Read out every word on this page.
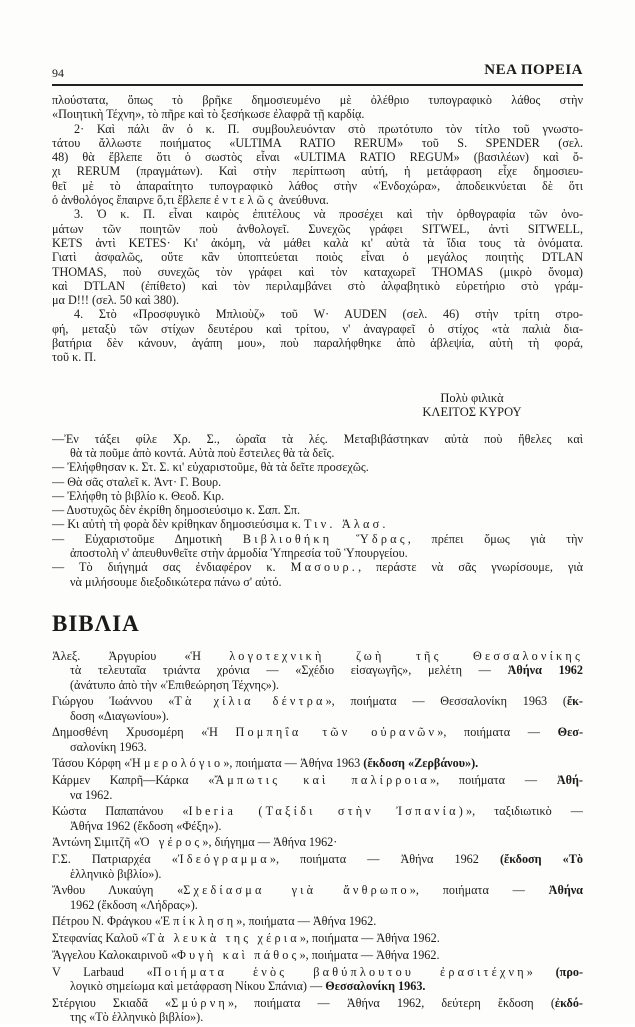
94	ΝΕΑ ΠΟΡΕΙΑ
πλούστατα, ὅπως τὸ βρῆκε δημοσιευμένο μὲ ὀλέθριο τυπογραφικὸ λάθος στὴν
«Ποιητικὴ Τέχνη», τὸ πῆρε καὶ τὸ ξεσήκωσε ἐλαφρᾶ τῇ καρδίᾳ.
2· Καὶ πάλι ἂν ὁ κ. Π. συμβουλευόνταν στὸ πρωτότυπο τὸν τίτλο τοῦ γνωστο-
τάτου ἄλλωστε ποιήματος «ULTIMA RATIO RERUM» τοῦ S. SPENDER (σελ.
48) θὰ ἔβλεπε ὅτι ὁ σωστὸς εἶναι «ULTIMA RATIO REGUM» (βασιλέων) καὶ ὄ-
χι RERUM (πραγμάτων). Καὶ στὴν περίπτωση αὐτή, ἡ μετάφραση εἶχε δημοσιευ-
θεῖ μὲ τὸ ἀπαραίτητο τυπογραφικὸ λάθος στὴν «Ἐνδοχώρα», ἀποδεικνύεται δὲ ὅτι
ὁ ἀνθολόγος ἔπαιρνε ὅ,τι ἔβλεπε ἐντελῶς ἀνεύθυνα.
3. Ὁ κ. Π. εἶναι καιρὸς ἐπιτέλους νὰ προσέχει καὶ τὴν ὀρθογραφία τῶν ὀνο-
μάτων τῶν ποιητῶν ποὺ ἀνθολογεῖ. Συνεχῶς γράφει SITWEL, ἀντὶ SITWELL,
KETS ἀντὶ KETES· Κι' ἀκόμη, νὰ μάθει καλὰ κι' αὐτὰ τὰ ἴδια τους τὰ ὀνόματα.
Γιατὶ ἀσφαλῶς, οὔτε κἂν ὑποπτεύεται ποιὸς εἶναι ὁ μεγάλος ποιητὴς DTLAN
THOMAS, ποὺ συνεχῶς τὸν γράφει καὶ τὸν καταχωρεῖ THOMAS (μικρὸ ὄνομα)
καὶ DTLAN (ἐπίθετο) καὶ τὸν περιλαμβάνει στὸ ἀλφαβητικὸ εὑρετήριο στὸ γράμ-
μα D!!! (σελ. 50 καὶ 380).
4. Στὸ «Προσφυγικὸ Μπλιοὺζ» τοῦ W· AUDEN (σελ. 46) στὴν τρίτη στρο-
φή, μεταξὺ τῶν στίχων δευτέρου καὶ τρίτου, ν' ἀναγραφεῖ ὁ στίχος «τὰ παλιὰ δια-
βατήρια δὲν κάνουν, ἀγάπη μου», ποὺ παραλήφθηκε ἀπὸ ἀβλεψία, αὐτὴ τὴ φορά,
τοῦ κ. Π.
Πολὺ φιλικὰ
ΚΛΕΙΤΟΣ ΚΥΡΟΥ
—Ἐν τάξει φίλε Χρ. Σ., ὡραῖα τὰ λές. Μεταβιβάστηκαν αὐτὰ ποὺ ἤθελες καὶ
θὰ τὰ ποῦμε ἀπὸ κοντά. Αὐτὰ ποὺ ἔστειλες θὰ τὰ δεῖς.
— Ἐλήφθησαν κ. Στ. Σ. κι' εὐχαριστοῦμε, θὰ τὰ δεῖτε προσεχῶς.
— Θὰ σᾶς σταλεῖ κ. Ἀντ· Γ. Βουρ.
— Ἐλήφθη τὸ βιβλίο κ. Θεοδ. Κιρ.
— Δυστυχῶς δὲν ἐκρίθη δημοσιεύσιμο κ. Σαπ. Σπ.
— Κι αὐτὴ τὴ φορὰ δὲν κρίθηκαν δημοσιεύσιμα κ. Τιν. Ἀλασ.
— Εὐχαριστοῦμε Δημοτικὴ Βιβλιοθήκη Ὕδρας, πρέπει ὅμως γιὰ τὴν
ἀποστολὴ ν' ἀπευθυνθεῖτε στὴν ἁρμοδία Ὑπηρεσία τοῦ Ὑπουργείου.
— Τὸ διήγημά σας ἐνδιαφέρον κ. Μασουρ., περάστε νὰ σᾶς γνωρίσουμε, γιὰ
νὰ μιλήσουμε διεξοδικώτερα πάνω σ' αὐτό.
ΒΙΒΛΙΑ
Ἀλεξ. Ἀργυρίου «Ἡ λογοτεχνικὴ ζωὴ τῆς Θεσσαλονίκης
τὰ τελευταῖα τριάντα χρόνια — «Σχέδιο εἰσαγωγῆς», μελέτη — Ἀθήνα 1962
(ἀνάτυπο ἀπὸ τὴν «Ἐπιθεώρηση Τέχνης»).
Γιώργου Ἰωάννου «Τὰ χίλια δέντρα», ποιήματα — Θεσσαλονίκη 1963 (ἔκ-
δοση «Διαγωνίου»).
Δημοσθένη Χρυσομέρη «Ἡ Πομπηΐα τῶν οὐρανῶν», ποιήματα — Θεσ-
σαλονίκη 1963.
Τάσου Κόρφη «Ἡμερολόγιο», ποιήματα — Ἀθήνα 1963 (ἔκδοση «Ζερβάνου»).
Κάρμεν Καπρῆ—Κάρκα «Ἄμπωτις καὶ παλίρροια», ποιήματα — Ἀθή-
να 1962.
Κώστα Παπαπάνου «Iberia (Ταξίδι στὴν Ἰσπανία)», ταξιδιωτικὸ —
Ἀθήνα 1962 (ἔκδοση «Φέξη»).
Ἀντώνη Σιμιτζῆ «Ὁ γέρος», διήγημα — Ἀθήνα 1962·
Γ.Σ. Πατριαρχέα «Ἰδεόγραμμα», ποιήματα — Ἀθήνα 1962 (ἔκδοση «Τὸ
ἑλληνικὸ βιβλίο»).
Ἄνθου Λυκαύγη «Σχεδίασμα γιὰ ἄνθρωπο», ποιήματα — Ἀθήνα
1962 (ἔκδοση «Λήδρας»).
Πέτρου Ν. Φράγκου «Ἐπίκληση», ποιήματα — Ἀθήνα 1962.
Στεφανίας Καλοῦ «Τὰ λευκὰ της χέρια», ποιήματα — Ἀθήνα 1962.
Ἄγγελου Καλοκαιρινοῦ «Φυγὴ καὶ πάθος», ποιήματα — Ἀθήνα 1962.
V Larbaud «Ποιήματα ἑνὸς βαθύπλουτου ἐρασιτέχνη» (προ-
λογικὸ σημείωμα καὶ μετάφραση Νίκου Σπάνια) — Θεσσαλονίκη 1963.
Στέργιου Σκιαδᾶ «Σμύρνη», ποιήματα — Ἀθήνα 1962, δεύτερη ἔκδοση (ἐκδό-
της «Τὸ ἑλληνικὸ βιβλίο»).
